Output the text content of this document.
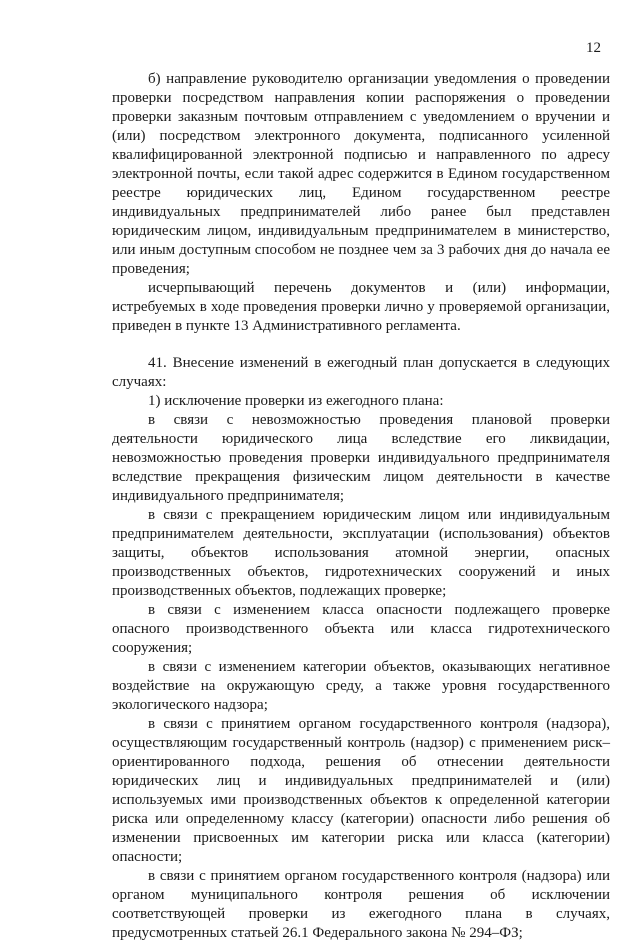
12

б) направление руководителю организации уведомления о проведении проверки посредством направления копии распоряжения о проведении проверки заказным почтовым отправлением с уведомлением о вручении и (или) посредством электронного документа, подписанного усиленной квалифицированной электронной подписью и направленного по адресу электронной почты, если такой адрес содержится в Едином государственном реестре юридических лиц, Едином государственном реестре индивидуальных предпринимателей либо ранее был представлен юридическим лицом, индивидуальным предпринимателем в министерство, или иным доступным способом не позднее чем за 3 рабочих дня до начала ее проведения;

исчерпывающий перечень документов и (или) информации, истребуемых в ходе проведения проверки лично у проверяемой организации, приведен в пункте 13 Административного регламента.

41. Внесение изменений в ежегодный план допускается в следующих случаях:

1) исключение проверки из ежегодного плана:

в связи с невозможностью проведения плановой проверки деятельности юридического лица вследствие его ликвидации, невозможностью проведения проверки индивидуального предпринимателя вследствие прекращения физическим лицом деятельности в качестве индивидуального предпринимателя;

в связи с прекращением юридическим лицом или индивидуальным предпринимателем деятельности, эксплуатации (использования) объектов защиты, объектов использования атомной энергии, опасных производственных объектов, гидротехнических сооружений и иных производственных объектов, подлежащих проверке;

в связи с изменением класса опасности подлежащего проверке опасного производственного объекта или класса гидротехнического сооружения;

в связи с изменением категории объектов, оказывающих негативное воздействие на окружающую среду, а также уровня государственного экологического надзора;

в связи с принятием органом государственного контроля (надзора), осуществляющим государственный контроль (надзор) с применением риск–ориентированного подхода, решения об отнесении деятельности юридических лиц и индивидуальных предпринимателей и (или) используемых ими производственных объектов к определенной категории риска или определенному классу (категории) опасности либо решения об изменении присвоенных им категории риска или класса (категории) опасности;

в связи с принятием органом государственного контроля (надзора) или органом муниципального контроля решения об исключении соответствующей проверки из ежегодного плана в случаях, предусмотренных статьей 26.1 Федерального закона № 294–ФЗ;
